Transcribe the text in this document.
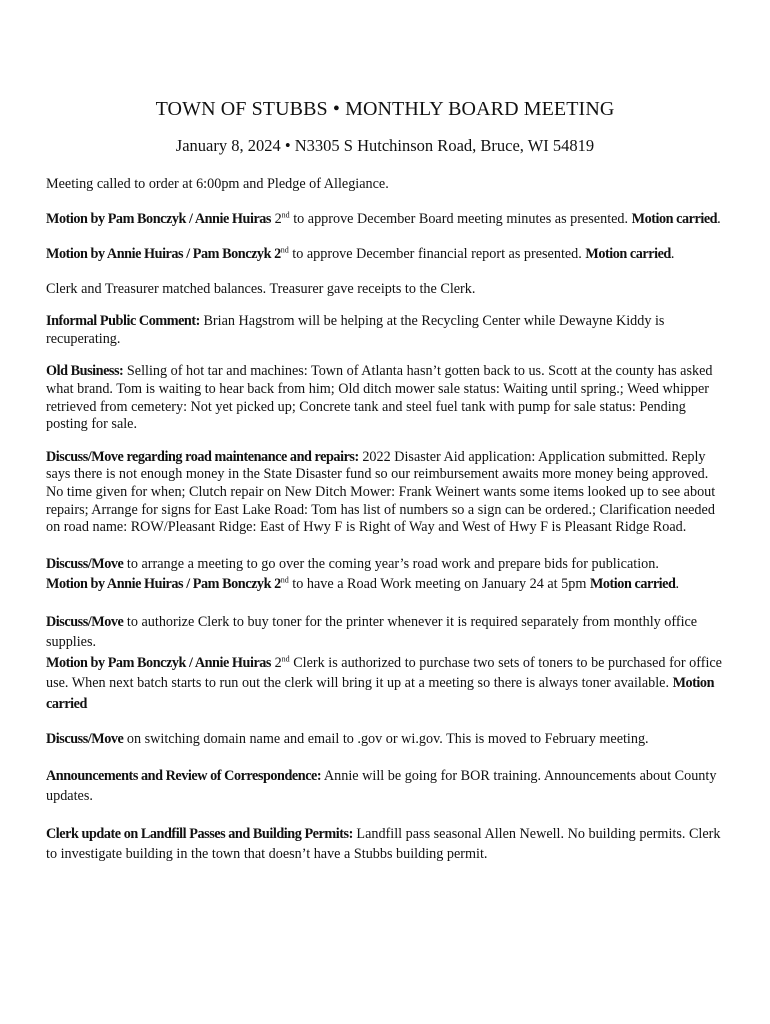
TOWN OF STUBBS • MONTHLY BOARD MEETING
January 8, 2024 • N3305 S Hutchinson Road, Bruce, WI 54819

Meeting called to order at 6:00pm and Pledge of Allegiance.

Motion by Pam Bonczyk / Annie Huiras 2nd to approve December Board meeting minutes as presented. Motion carried.

Motion by Annie Huiras / Pam Bonczyk 2nd to approve December financial report as presented. Motion carried.

Clerk and Treasurer matched balances. Treasurer gave receipts to the Clerk.

Informal Public Comment: Brian Hagstrom will be helping at the Recycling Center while Dewayne Kiddy is recuperating.

Old Business: Selling of hot tar and machines: Town of Atlanta hasn’t gotten back to us. Scott at the county has asked what brand. Tom is waiting to hear back from him; Old ditch mower sale status: Waiting until spring.; Weed whipper retrieved from cemetery: Not yet picked up; Concrete tank and steel fuel tank with pump for sale status: Pending posting for sale.

Discuss/Move regarding road maintenance and repairs: 2022 Disaster Aid application: Application submitted. Reply says there is not enough money in the State Disaster fund so our reimbursement awaits more money being approved. No time given for when; Clutch repair on New Ditch Mower: Frank Weinert wants some items looked up to see about repairs; Arrange for signs for East Lake Road: Tom has list of numbers so a sign can be ordered.; Clarification needed on road name: ROW/Pleasant Ridge: East of Hwy F is Right of Way and West of Hwy F is Pleasant Ridge Road.

Discuss/Move to arrange a meeting to go over the coming year’s road work and prepare bids for publication.
Motion by Annie Huiras / Pam Bonczyk 2nd to have a Road Work meeting on January 24 at 5pm Motion carried.

Discuss/Move to authorize Clerk to buy toner for the printer whenever it is required separately from monthly office supplies.
Motion by Pam Bonczyk / Annie Huiras 2nd Clerk is authorized to purchase two sets of toners to be purchased for office use. When next batch starts to run out the clerk will bring it up at a meeting so there is always toner available. Motion carried

Discuss/Move on switching domain name and email to .gov or wi.gov. This is moved to February meeting.

Announcements and Review of Correspondence: Annie will be going for BOR training. Announcements about County updates.

Clerk update on Landfill Passes and Building Permits: Landfill pass seasonal Allen Newell. No building permits. Clerk to investigate building in the town that doesn’t have a Stubbs building permit.
